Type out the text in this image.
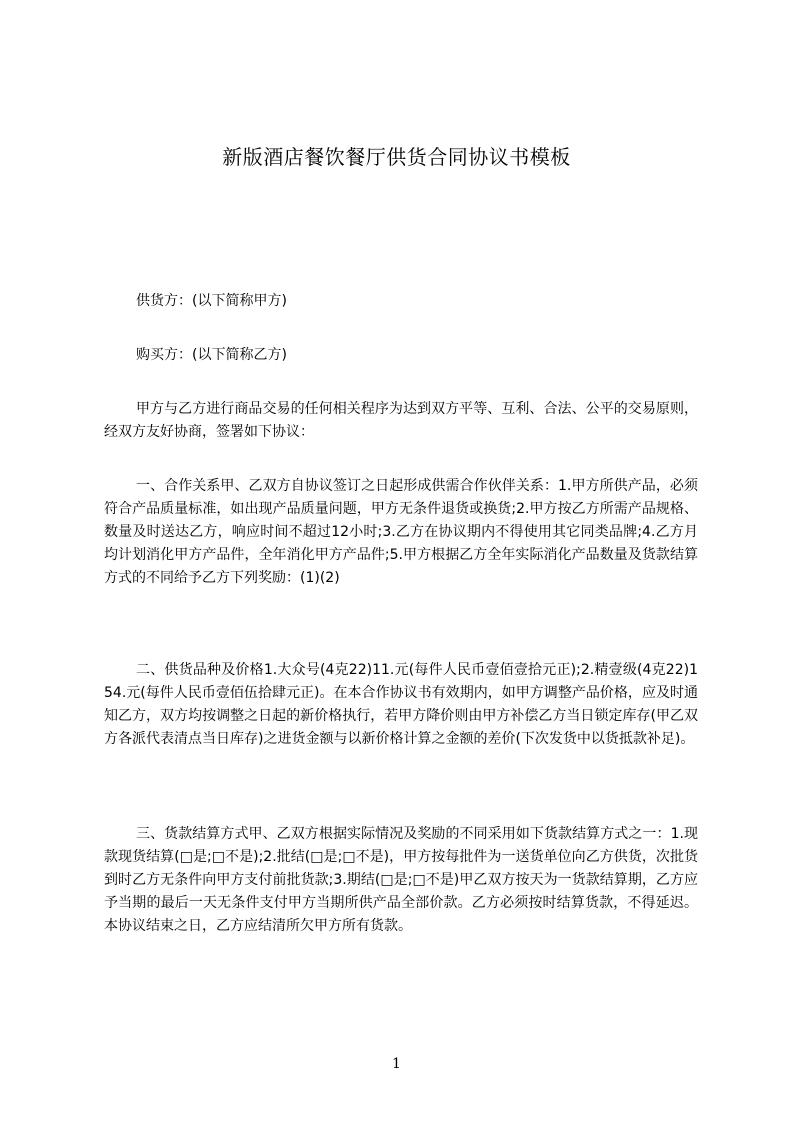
新版酒店餐饮餐厅供货合同协议书模板

供货方：(以下简称甲方)

购买方：(以下简称乙方)

甲方与乙方进行商品交易的任何相关程序为达到双方平等、互利、合法、公平的交易原则，经双方友好协商，签署如下协议：

一、合作关系甲、乙双方自协议签订之日起形成供需合作伙伴关系：1.甲方所供产品，必须符合产品质量标准，如出现产品质量问题，甲方无条件退货或换货;2.甲方按乙方所需产品规格、数量及时送达乙方，响应时间不超过12小时;3.乙方在协议期内不得使用其它同类品牌;4.乙方月均计划消化甲方产品件，全年消化甲方产品件;5.甲方根据乙方全年实际消化产品数量及货款结算方式的不同给予乙方下列奖励：(1)(2)

二、供货品种及价格1.大众号(4克22)11.元(每件人民币壹佰壹拾元正);2.精壹级(4克22)154.元(每件人民币壹佰伍拾肆元正)。在本合作协议书有效期内，如甲方调整产品价格，应及时通知乙方，双方均按调整之日起的新价格执行，若甲方降价则由甲方补偿乙方当日锁定库存(甲乙双方各派代表清点当日库存)之进货金额与以新价格计算之金额的差价(下次发货中以货抵款补足)。

三、货款结算方式甲、乙双方根据实际情况及奖励的不同采用如下货款结算方式之一：1.现款现货结算(□是;□不是);2.批结(□是;□不是)，甲方按每批件为一送货单位向乙方供货，次批货到时乙方无条件向甲方支付前批货款;3.期结(□是;□不是)甲乙双方按天为一货款结算期，乙方应予当期的最后一天无条件支付甲方当期所供产品全部价款。乙方必须按时结算货款，不得延迟。本协议结束之日，乙方应结清所欠甲方所有货款。

1
